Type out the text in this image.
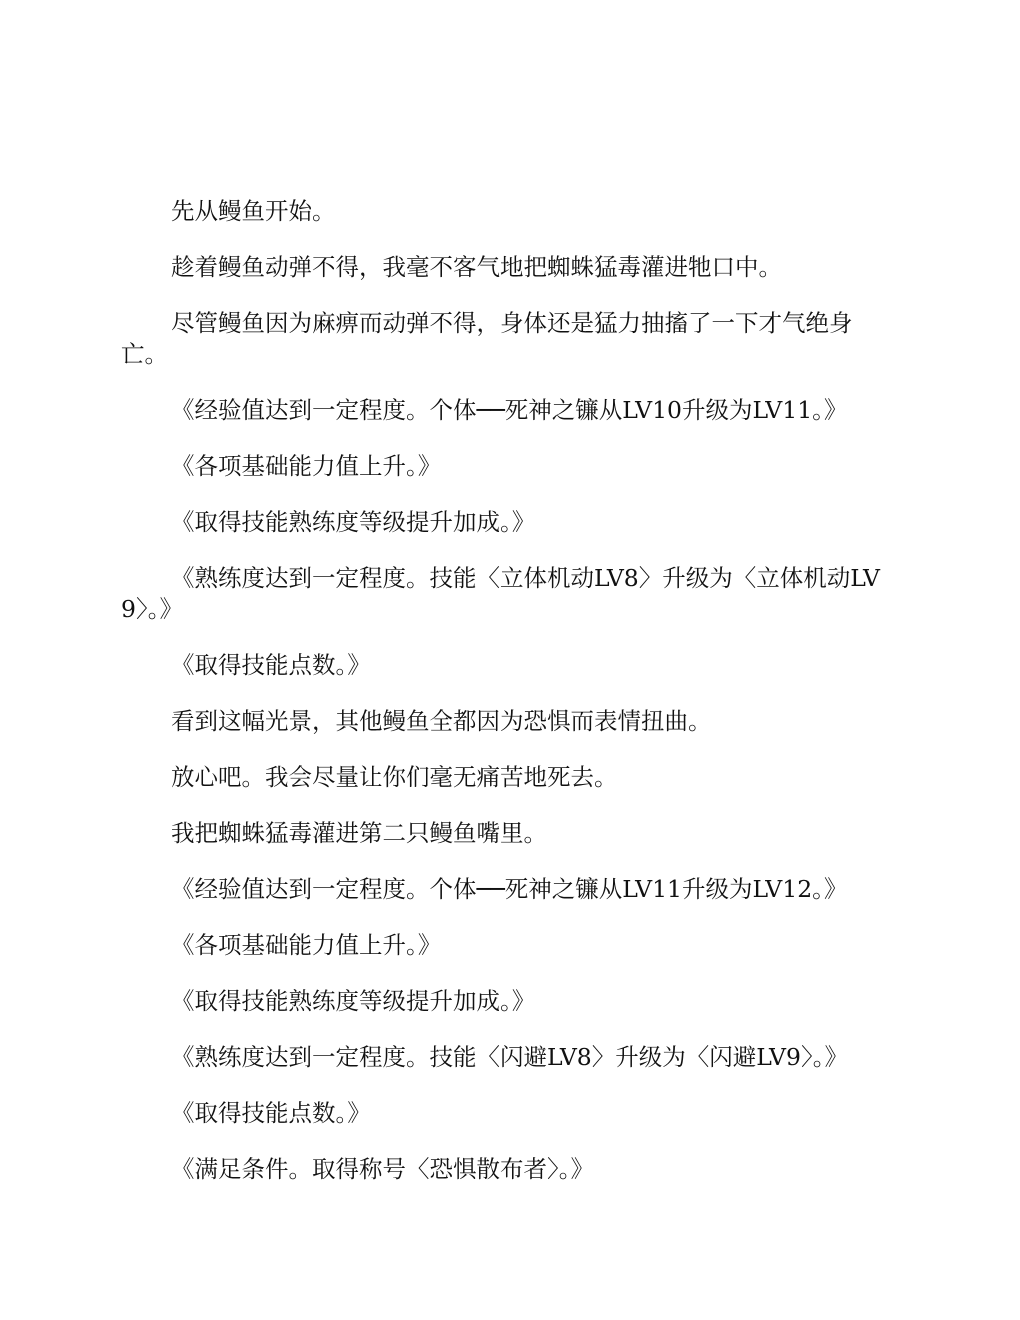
先从鳗鱼开始。

趁着鳗鱼动弹不得，我毫不客气地把蜘蛛猛毒灌进牠口中。

尽管鳗鱼因为麻痹而动弹不得，身体还是猛力抽搐了一下才气绝身亡。

《经验值达到一定程度。个体──死神之镰从LV10升级为LV11。》

《各项基础能力值上升。》

《取得技能熟练度等级提升加成。》

《熟练度达到一定程度。技能〈立体机动LV8〉升级为〈立体机动LV9〉。》

《取得技能点数。》

看到这幅光景，其他鳗鱼全都因为恐惧而表情扭曲。

放心吧。我会尽量让你们毫无痛苦地死去。

我把蜘蛛猛毒灌进第二只鳗鱼嘴里。

《经验值达到一定程度。个体──死神之镰从LV11升级为LV12。》

《各项基础能力值上升。》

《取得技能熟练度等级提升加成。》

《熟练度达到一定程度。技能〈闪避LV8〉升级为〈闪避LV9〉。》

《取得技能点数。》

《满足条件。取得称号〈恐惧散布者〉。》
